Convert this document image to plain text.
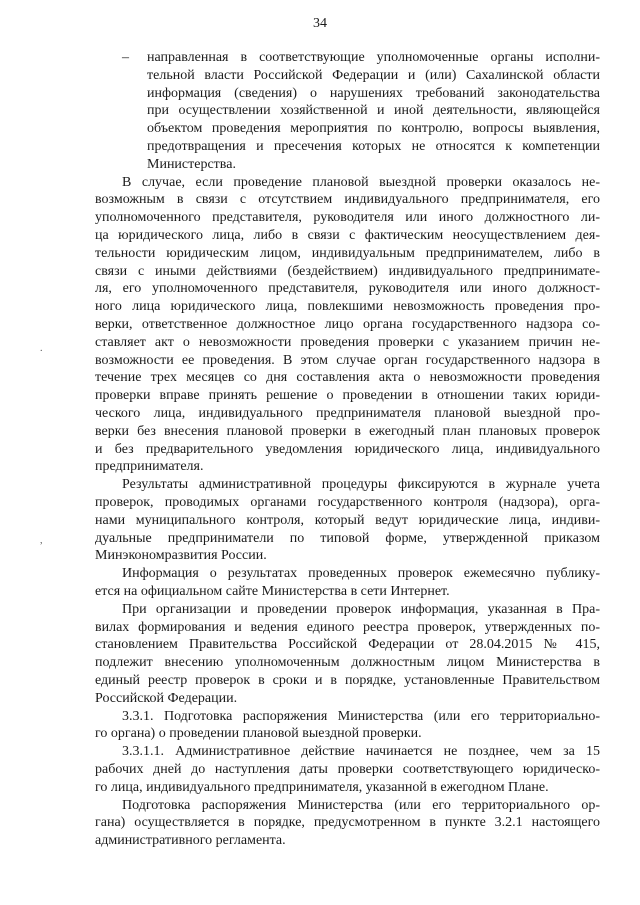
34
– направленная в соответствующие уполномоченные органы исполни-
тельной власти Российской Федерации и (или) Сахалинской области
информация (сведения) о нарушениях требований законодательства
при осуществлении хозяйственной и иной деятельности, являющейся
объектом проведения мероприятия по контролю, вопросы выявления,
предотвращения и пресечения которых не относятся к компетенции
Министерства.
В случае, если проведение плановой выездной проверки оказалось не-
возможным в связи с отсутствием индивидуального предпринимателя, его
уполномоченного представителя, руководителя или иного должностного ли-
ца юридического лица, либо в связи с фактическим неосуществлением дея-
тельности юридическим лицом, индивидуальным предпринимателем, либо в
связи с иными действиями (бездействием) индивидуального предпринимате-
ля, его уполномоченного представителя, руководителя или иного должност-
ного лица юридического лица, повлекшими невозможность проведения про-
верки, ответственное должностное лицо органа государственного надзора со-
ставляет акт о невозможности проведения проверки с указанием причин не-
возможности ее проведения. В этом случае орган государственного надзора в
течение трех месяцев со дня составления акта о невозможности проведения
проверки вправе принять решение о проведении в отношении таких юриди-
ческого лица, индивидуального предпринимателя плановой выездной про-
верки без внесения плановой проверки в ежегодный план плановых проверок
и без предварительного уведомления юридического лица, индивидуального
предпринимателя.
Результаты административной процедуры фиксируются в журнале учета
проверок, проводимых органами государственного контроля (надзора), орга-
нами муниципального контроля, который ведут юридические лица, индиви-
дуальные предприниматели по типовой форме, утвержденной приказом
Минэкономразвития России.
Информация о результатах проведенных проверок ежемесячно публику-
ется на официальном сайте Министерства в сети Интернет.
При организации и проведении проверок информация, указанная в Пра-
вилах формирования и ведения единого реестра проверок, утвержденных по-
становлением Правительства Российской Федерации от 28.04.2015 № 415,
подлежит внесению уполномоченным должностным лицом Министерства в
единый реестр проверок в сроки и в порядке, установленные Правительством
Российской Федерации.
3.3.1. Подготовка распоряжения Министерства (или его территориально-
го органа) о проведении плановой выездной проверки.
3.3.1.1. Административное действие начинается не позднее, чем за 15
рабочих дней до наступления даты проверки соответствующего юридическо-
го лица, индивидуального предпринимателя, указанной в ежегодном Плане.
Подготовка распоряжения Министерства (или его территориального ор-
гана) осуществляется в порядке, предусмотренном в пункте 3.2.1 настоящего
административного регламента.
.
,
